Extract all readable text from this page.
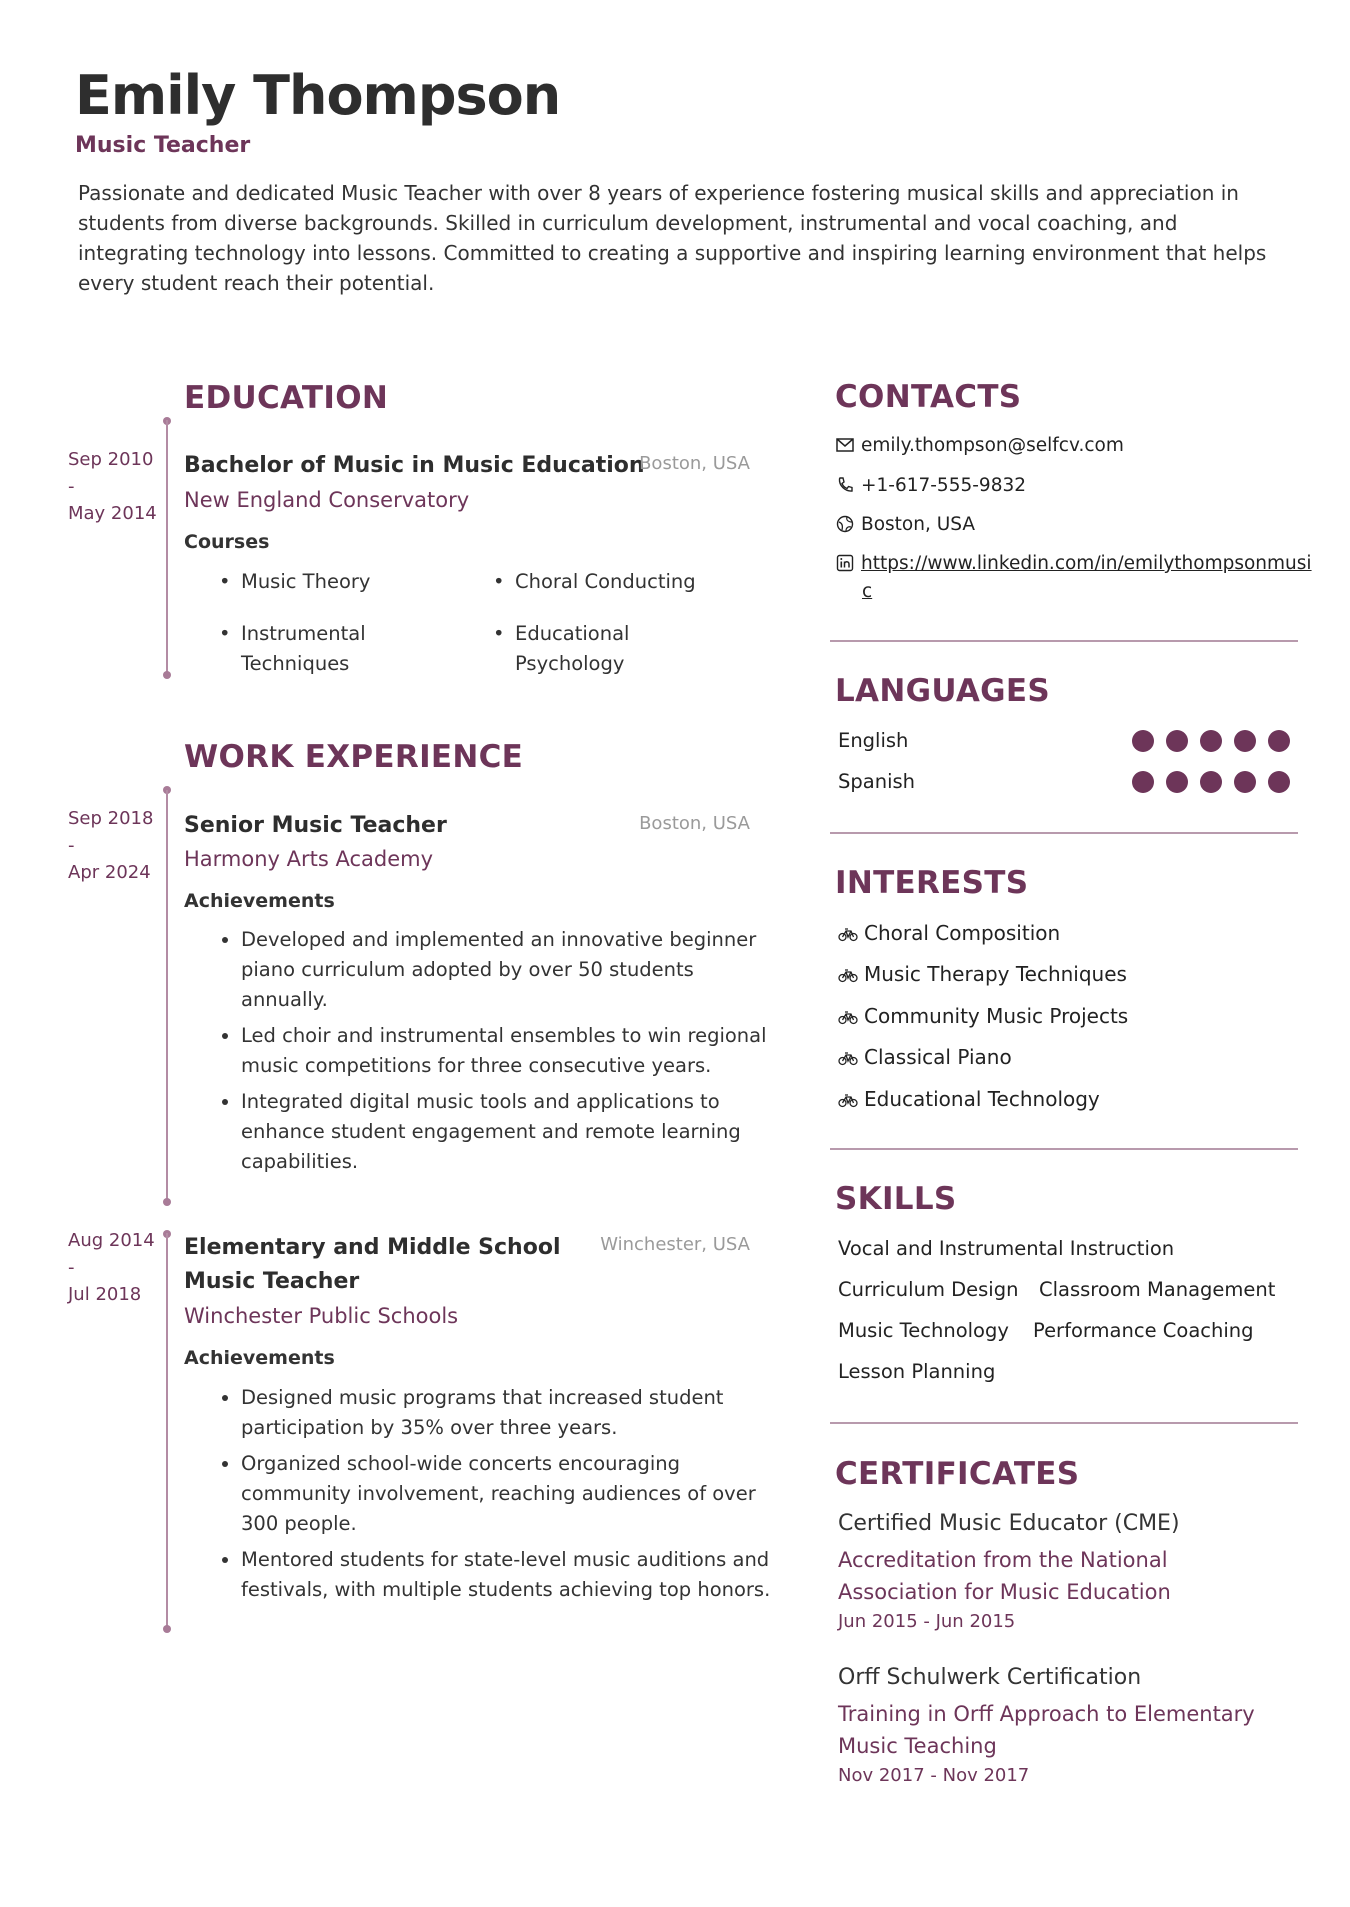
Emily Thompson
Music Teacher
Passionate and dedicated Music Teacher with over 8 years of experience fostering musical skills and appreciation in students from diverse backgrounds. Skilled in curriculum development, instrumental and vocal coaching, and integrating technology into lessons. Committed to creating a supportive and inspiring learning environment that helps every student reach their potential.
EDUCATION
Sep 2010
-
May 2014
Bachelor of Music in Music Education
Boston, USA
New England Conservatory
Courses
• Music Theory
•	Choral Conducting
• Instrumental Techniques
• Educational Psychology
WORK EXPERIENCE
Sep 2018
-
Apr 2024
Senior Music Teacher	Boston, USA
Harmony Arts Academy
Achievements
• Developed and implemented an innovative beginner piano curriculum adopted by over 50 students annually.
• Led choir and instrumental ensembles to win regional music competitions for three consecutive years.
• Integrated digital music tools and applications to enhance student engagement and remote learning capabilities.
Aug 2014
-
Jul 2018
Elementary and Middle School Music Teacher
Winchester, USA
Winchester Public Schools
Achievements
• Designed music programs that increased student participation by 35% over three years.
• Organized school-wide concerts encouraging community involvement, reaching audiences of over 300 people.
• Mentored students for state-level music auditions and festivals, with multiple students achieving top honors.
CONTACTS
emily.thompson@selfcv.com
+1-617-555-9832
Boston, USA
https://www.linkedin.com/in/emilythompsonmusi
c
LANGUAGES
English
Spanish
INTERESTS
Choral Composition
Music Therapy Techniques
Community Music Projects
Classical Piano
Educational Technology
SKILLS
Vocal and Instrumental Instruction
Curriculum Design Classroom Management
Music Technology Performance Coaching
Lesson Planning
CERTIFICATES
Certified Music Educator (CME)
Accreditation from the National Association for Music Education
Jun 2015 - Jun 2015
Orff Schulwerk Certification
Training in Orff Approach to Elementary Music Teaching
Nov 2017 - Nov 2017
